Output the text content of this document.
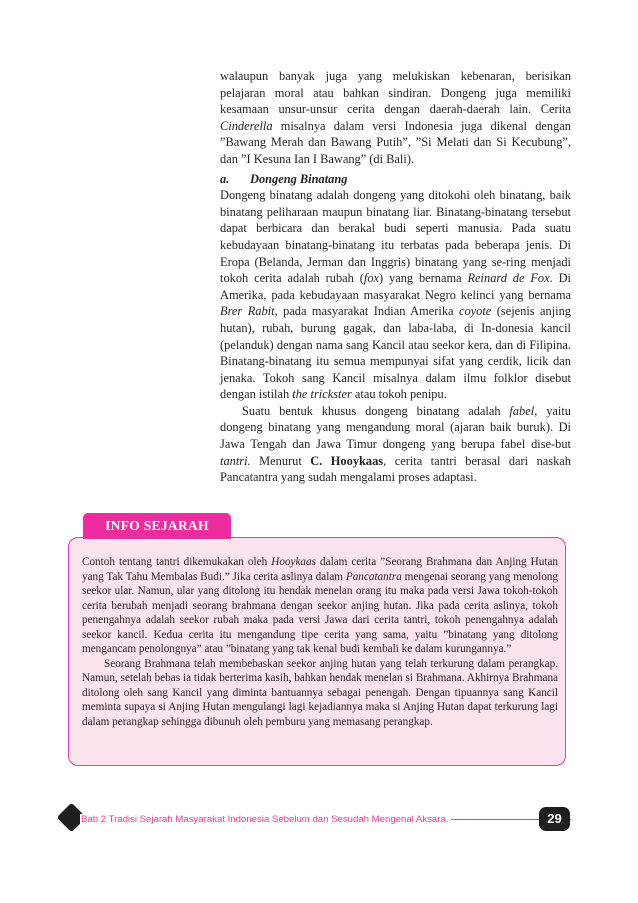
walaupun banyak juga yang melukiskan kebenaran, berisikan pelajaran moral atau bahkan sindiran. Dongeng juga memiliki kesamaan unsur-unsur cerita dengan daerah-daerah lain. Cerita Cinderella misalnya dalam versi Indonesia juga dikenal dengan ”Bawang Merah dan Bawang Putih”, ”Si Melati dan Si Kecubung”, dan ”I Kesuna Ian I Bawang” (di Bali).

a. Dongeng Binatang

Dongeng binatang adalah dongeng yang ditokohi oleh binatang, baik binatang peliharaan maupun binatang liar. Binatang-binatang tersebut dapat berbicara dan berakal budi seperti manusia. Pada suatu kebudayaan binatang-binatang itu terbatas pada beberapa jenis. Di Eropa (Belanda, Jerman dan Inggris) binatang yang se-ring menjadi tokoh cerita adalah rubah (fox) yang bernama Reinard de Fox. Di Amerika, pada kebudayaan masyarakat Negro kelinci yang bernama Brer Rabit, pada masyarakat Indian Amerika coyote (sejenis anjing hutan), rubah, burung gagak, dan laba-laba, di In-donesia kancil (pelanduk) dengan nama sang Kancil atau seekor kera, dan di Filipina. Binatang-binatang itu semua mempunyai sifat yang cerdik, licik dan jenaka. Tokoh sang Kancil misalnya dalam ilmu folklor disebut dengan istilah the trickster atau tokoh penipu.

Suatu bentuk khusus dongeng binatang adalah fabel, yaitu dongeng binatang yang mengandung moral (ajaran baik buruk). Di Jawa Tengah dan Jawa Timur dongeng yang berupa fabel dise-but tantri. Menurut C. Hooykaas, cerita tantri berasal dari naskah Pancatantra yang sudah mengalami proses adaptasi.

INFO SEJARAH

Contoh tentang tantri dikemukakan oleh Hooykaas dalam cerita ”Seorang Brahmana dan Anjing Hutan yang Tak Tahu Membalas Budi.” Jika cerita aslinya dalam Pancatantra mengenai seorang yang menolong seekor ular. Namun, ular yang ditolong itu hendak menelan orang itu maka pada versi Jawa tokoh-tokoh cerita berubah menjadi seorang brahmana dengan seekor anjing hutan. Jika pada cerita aslinya, tokoh penengahnya adalah seekor rubah maka pada versi Jawa dari cerita tantri, tokoh penengahnya adalah seekor kancil. Kedua cerita itu mengandung tipe cerita yang sama, yaitu ”binatang yang ditolong mengancam penolongnya” atau ”binatang yang tak kenal budi kembali ke dalam kurungannya.”

Seorang Brahmana telah membebaskan seekor anjing hutan yang telah terkurung dalam perangkap. Namun, setelah bebas ia tidak berterima kasih, bahkan hendak menelan si Brahmana. Akhirnya Brahmana ditolong oleh sang Kancil yang diminta bantuannya sebagai penengah. Dengan tipuannya sang Kancil meminta supaya si Anjing Hutan mengulangi lagi kejadiannya maka si Anjing Hutan dapat terkurung lagi dalam perangkap sehingga dibunuh oleh pemburu yang memasang perangkap.

Bab 2 Tradisi Sejarah Masyarakat Indonesia Sebelum dan Sesudah Mengenal Aksara.	29
